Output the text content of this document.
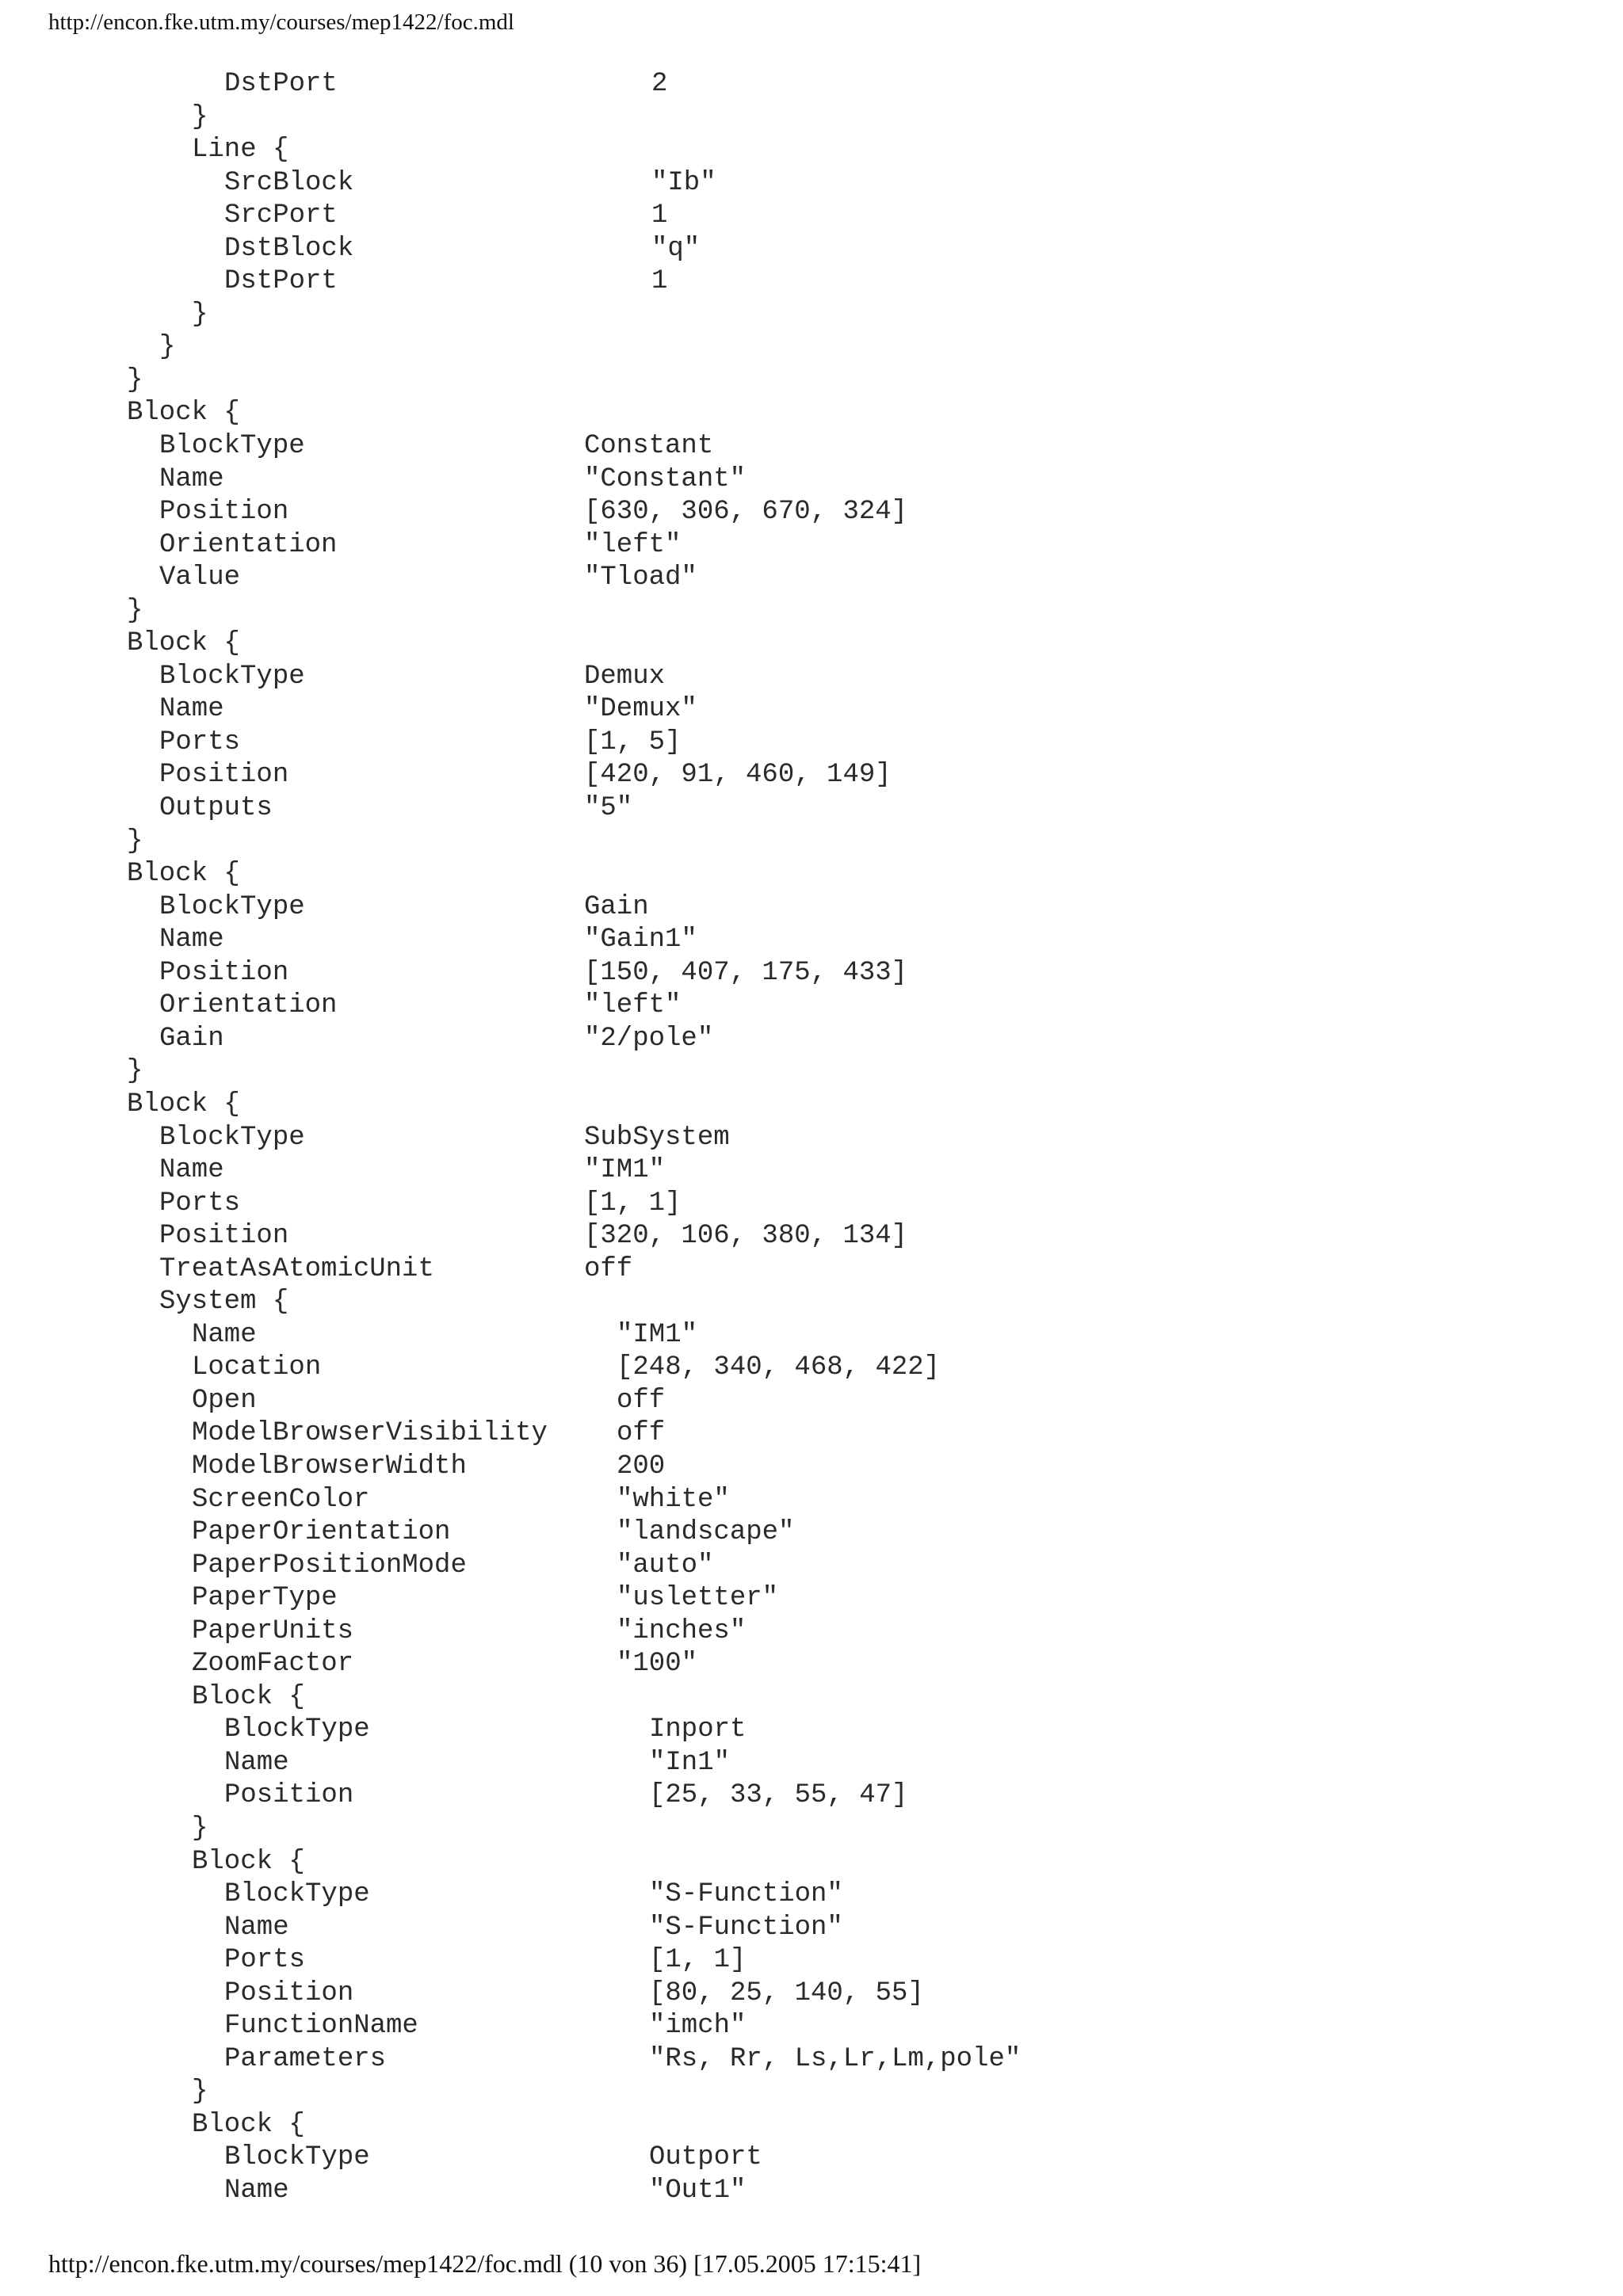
http://encon.fke.utm.my/courses/mep1422/foc.mdl
DstPort	2
}
Line {
SrcBlock	"Ib"
SrcPort	1
DstBlock	"q"
DstPort	1
}
}
}
Block {
BlockType	Constant
Name	"Constant"
Position	[630, 306, 670, 324]
Orientation	"left"
Value	"Tload"
}
Block {
BlockType	Demux
Name	"Demux"
Ports	[1, 5]
Position	[420, 91, 460, 149]
Outputs	"5"
}
Block {
BlockType	Gain
Name	"Gain1"
Position	[150, 407, 175, 433]
Orientation	"left"
Gain	"2/pole"
}
Block {
BlockType	SubSystem
Name	"IM1"
Ports	[1, 1]
Position	[320, 106, 380, 134]
TreatAsAtomicUnit	off
System {
Name	"IM1"
Location	[248, 340, 468, 422]
Open	off
ModelBrowserVisibility	off
ModelBrowserWidth	200
ScreenColor	"white"
PaperOrientation	"landscape"
PaperPositionMode	"auto"
PaperType	"usletter"
PaperUnits	"inches"
ZoomFactor	"100"
Block {
BlockType	Inport
Name	"In1"
Position	[25, 33, 55, 47]
}
Block {
BlockType	"S-Function"
Name	"S-Function"
Ports	[1, 1]
Position	[80, 25, 140, 55]
FunctionName	"imch"
Parameters	"Rs, Rr, Ls,Lr,Lm,pole"
}
Block {
BlockType	Outport
Name	"Out1"
http://encon.fke.utm.my/courses/mep1422/foc.mdl (10 von 36) [17.05.2005 17:15:41]
